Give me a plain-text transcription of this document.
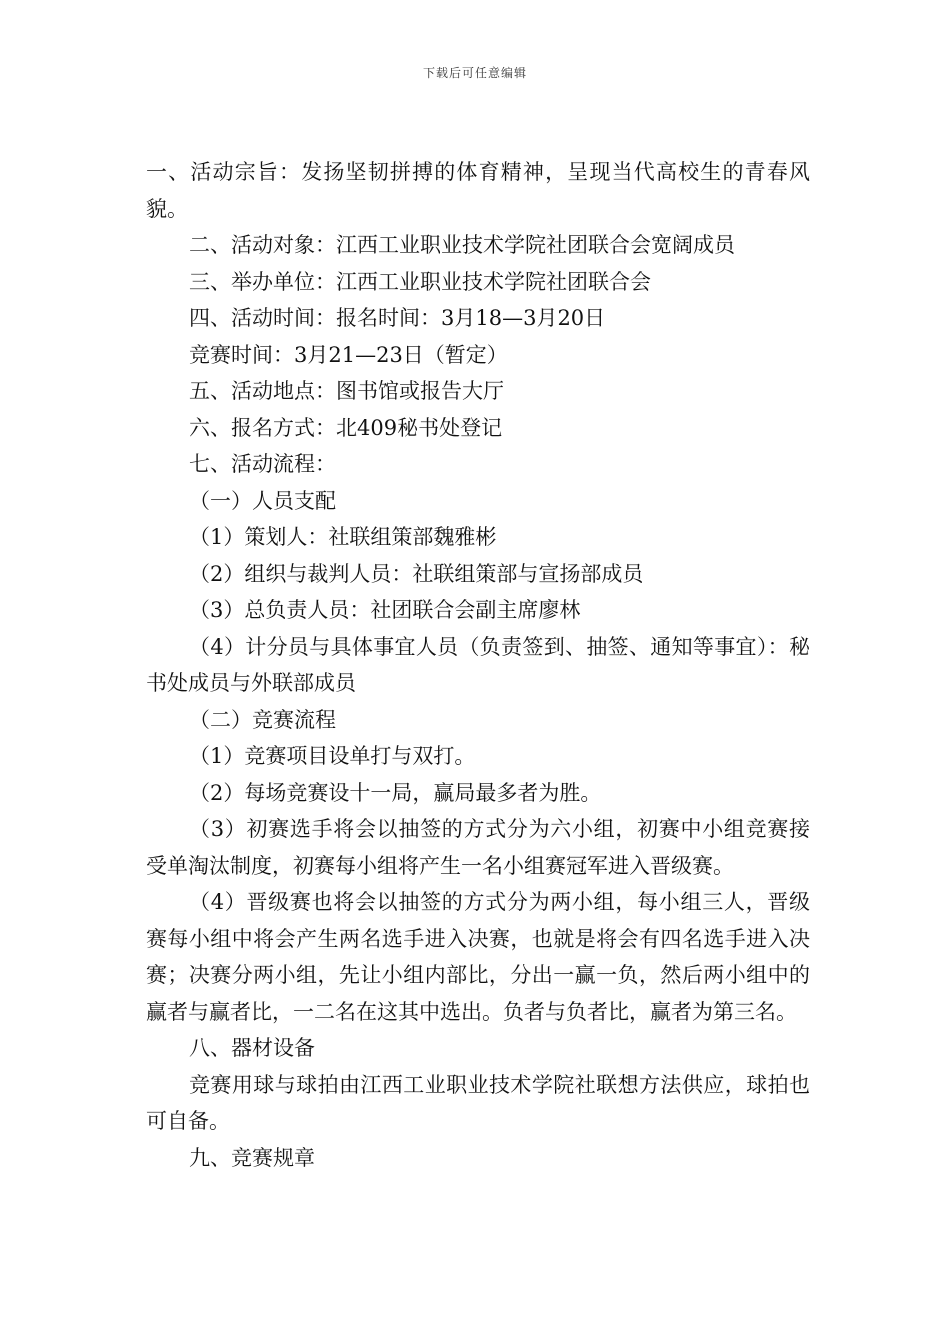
下载后可任意编辑

一、活动宗旨：发扬坚韧拼搏的体育精神，呈现当代高校生的青春风貌。

二、活动对象：江西工业职业技术学院社团联合会宽阔成员

三、举办单位：江西工业职业技术学院社团联合会

四、活动时间：报名时间：3月18—3月20日

竞赛时间：3月21—23日（暂定）

五、活动地点：图书馆或报告大厅

六、报名方式：北409秘书处登记

七、活动流程：

（一）人员支配

（1）策划人：社联组策部魏雅彬

（2）组织与裁判人员：社联组策部与宣扬部成员

（3）总负责人员：社团联合会副主席廖林

（4）计分员与具体事宜人员（负责签到、抽签、通知等事宜）：秘书处成员与外联部成员

（二）竞赛流程

（1）竞赛项目设单打与双打。

（2）每场竞赛设十一局，赢局最多者为胜。

（3）初赛选手将会以抽签的方式分为六小组，初赛中小组竞赛接受单淘汰制度，初赛每小组将产生一名小组赛冠军进入晋级赛。

（4）晋级赛也将会以抽签的方式分为两小组，每小组三人，晋级赛每小组中将会产生两名选手进入决赛，也就是将会有四名选手进入决赛；决赛分两小组，先让小组内部比，分出一赢一负，然后两小组中的赢者与赢者比，一二名在这其中选出。负者与负者比，赢者为第三名。

八、器材设备

竞赛用球与球拍由江西工业职业技术学院社联想方法供应，球拍也可自备。

九、竞赛规章
